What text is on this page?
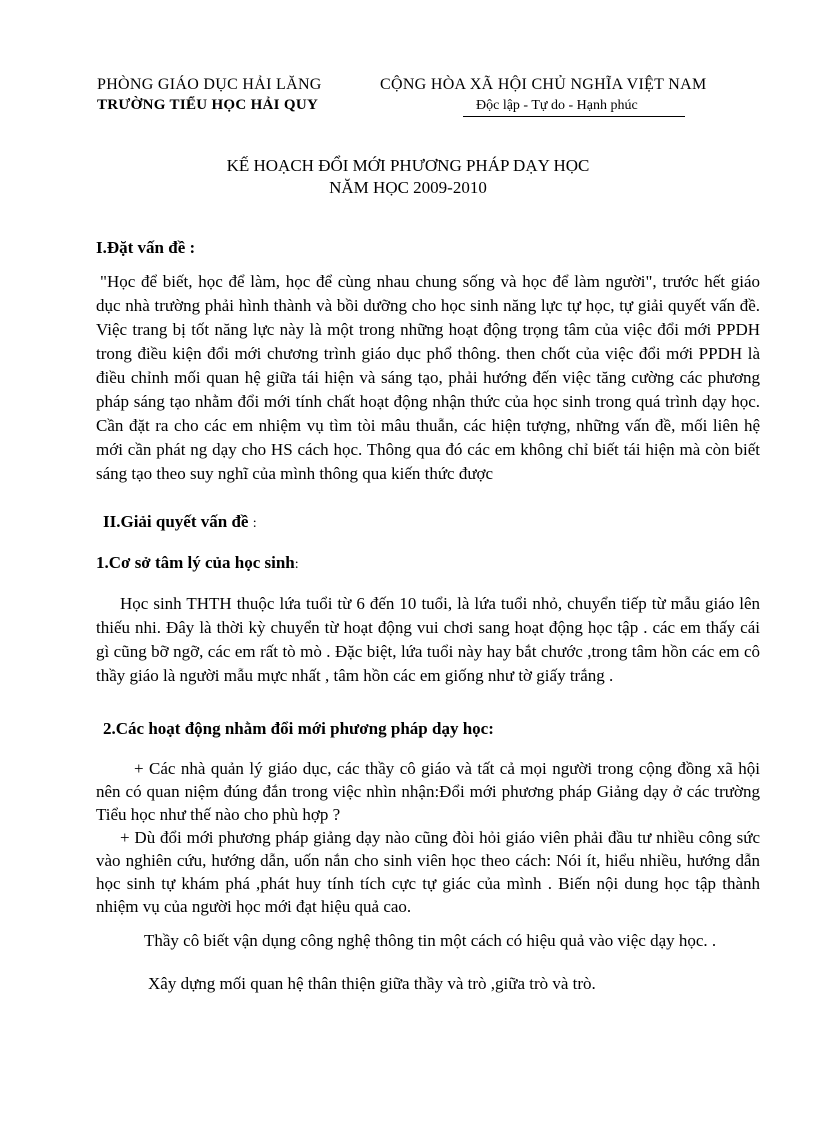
PHÒNG GIÁO DỤC HẢI LĂNG
TRƯỜNG TIỂU HỌC HẢI QUY
CỘNG HÒA XÃ HỘI CHỦ NGHĨA VIỆT NAM
Độc lập - Tự do - Hạnh phúc
KẾ HOẠCH ĐỔI MỚI PHƯƠNG PHÁP DẠY HỌC
NĂM HỌC 2009-2010
I.Đặt vấn đề :
"Học để biết, học để làm, học để cùng nhau chung sống và học để làm người", trước hết giáo dục nhà trường phải hình thành và bồi dưỡng cho học sinh năng lực tự học, tự giải quyết vấn đề. Việc trang bị tốt năng lực này là một trong những hoạt động trọng tâm của việc đổi mới PPDH trong điều kiện đổi mới chương trình giáo dục phổ thông. then chốt của việc đổi mới PPDH là điều chỉnh mối quan hệ giữa tái hiện và sáng tạo, phải hướng đến việc tăng cường các phương pháp sáng tạo nhằm đổi mới tính chất hoạt động nhận thức của học sinh trong quá trình dạy học. Cần đặt ra cho các em nhiệm vụ tìm tòi mâu thuẫn, các hiện tượng, những vấn đề, mối liên hệ mới cần phát ng dạy cho HS cách học. Thông qua đó các em không chỉ biết tái hiện mà còn biết sáng tạo theo suy nghĩ của mình thông qua kiến thức được
II.Giải quyết vấn đề :
1.Cơ sở tâm lý của học sinh:
Học sinh THTH thuộc lứa tuổi từ 6 đến 10 tuổi, là lứa tuổi nhỏ, chuyển tiếp từ mẫu giáo lên thiếu nhi. Đây là thời kỳ chuyển từ hoạt động vui chơi sang hoạt động học tập . các em thấy cái gì cũng bỡ ngỡ, các em rất tò mò . Đặc biệt, lứa tuổi này hay bắt chước ,trong tâm hồn các em cô thầy giáo là người mẫu mực nhất , tâm hồn các em giống như tờ giấy trắng .
2.Các hoạt động nhằm đổi mới phương pháp dạy học:
+ Các nhà quản lý giáo dục, các thầy cô giáo và tất cả mọi người trong cộng đồng xã hội nên có quan niệm đúng đắn trong việc nhìn nhận:Đổi mới phương pháp Giảng dạy ở các trường Tiểu học như thế nào cho phù hợp ?
+ Dù đổi mới phương pháp giảng dạy nào cũng đòi hỏi giáo viên phải đầu tư nhiều công sức vào nghiên cứu, hướng dẫn, uốn nắn cho sinh viên học theo cách: Nói ít, hiểu nhiều, hướng dẫn học sinh tự khám phá ,phát huy tính tích cực tự giác của mình . Biến nội dung học tập thành nhiệm vụ của người học mới đạt hiệu quả cao.
Thầy cô biết vận dụng công nghệ thông tin một cách có hiệu quả vào việc dạy học. .
Xây dựng mối quan hệ thân thiện giữa thầy và trò ,giữa trò và trò.
